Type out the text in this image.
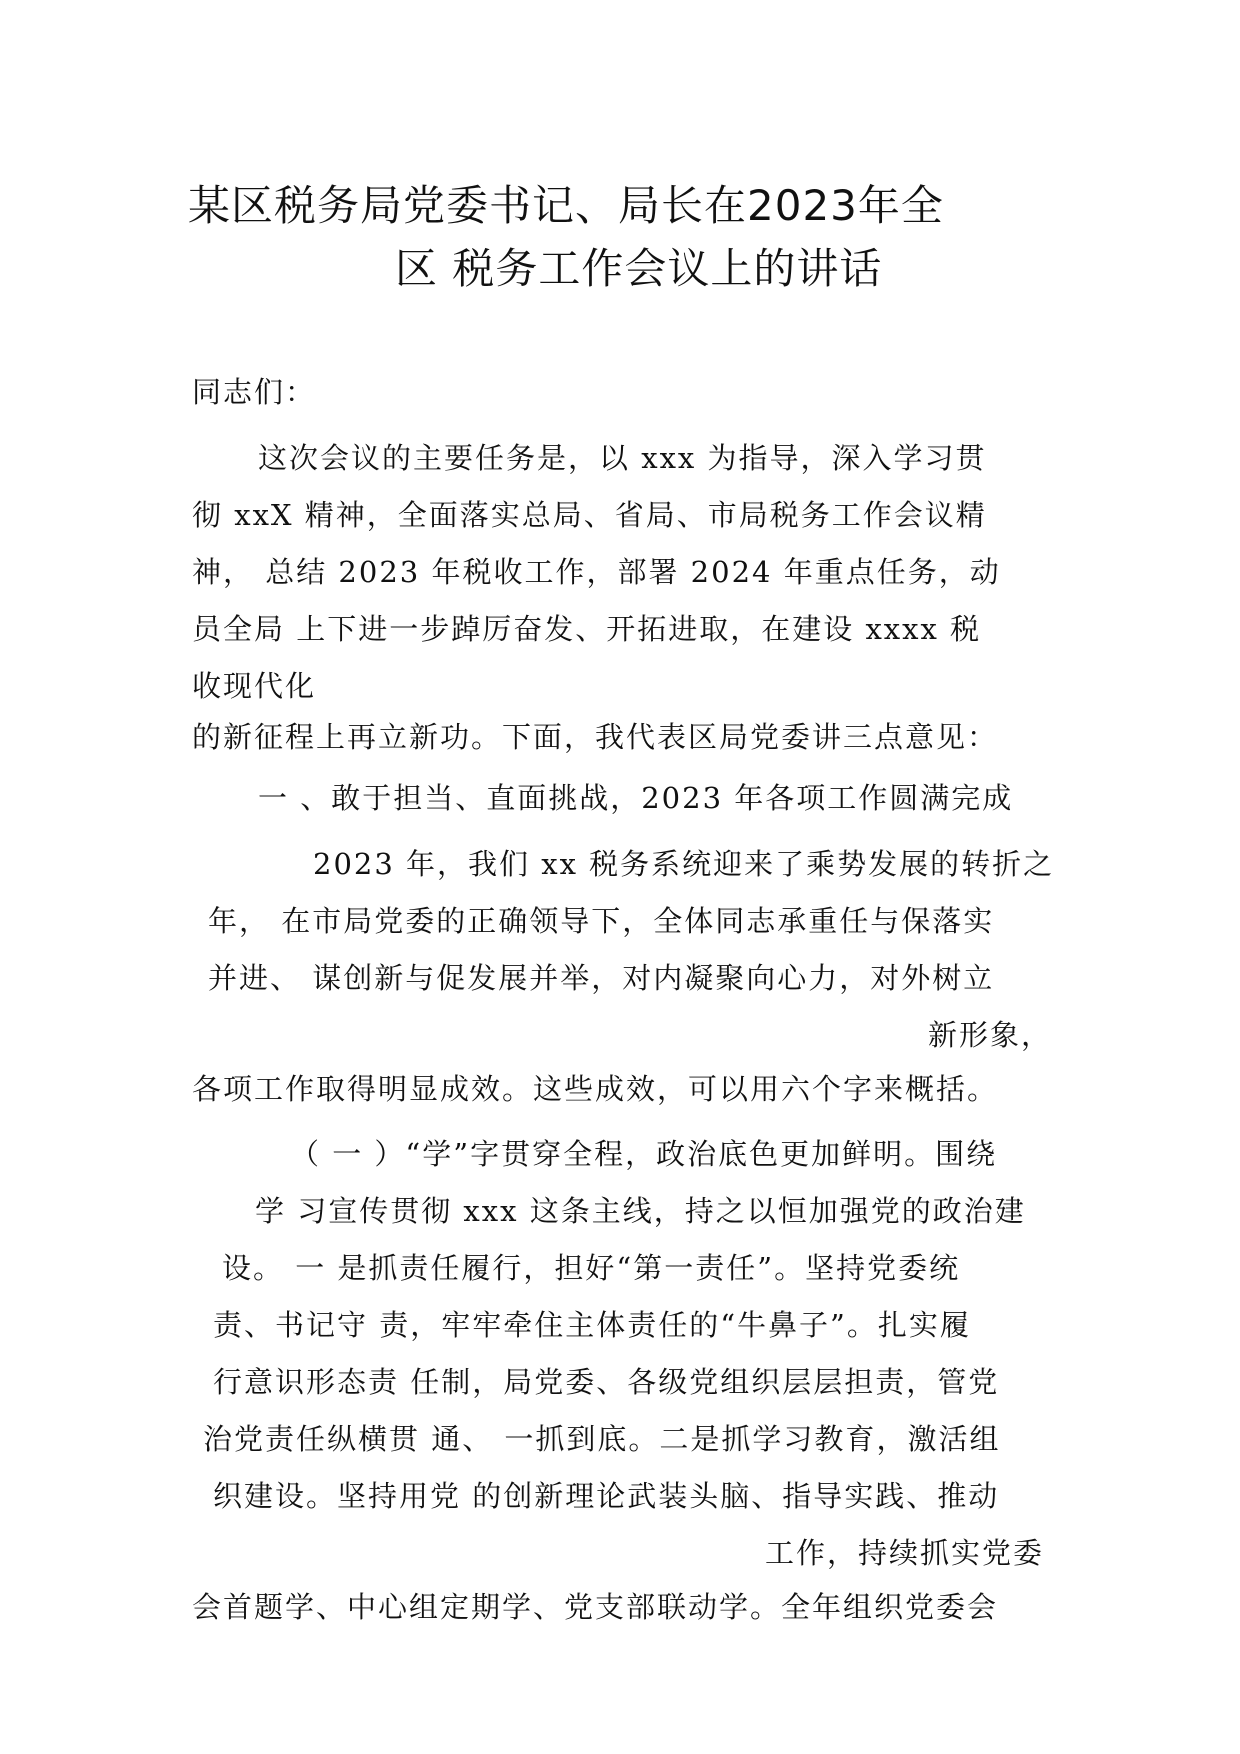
某区税务局党委书记、局长在2023年全
区 税务工作会议上的讲话
同志们：
这次会议的主要任务是，以 xxx 为指导，深入学习贯
彻 xxX 精神，全面落实总局、省局、市局税务工作会议精
神， 总结 2023 年税收工作，部署 2024 年重点任务，动
员全局 上下进一步踔厉奋发、开拓进取，在建设 xxxx 税
收现代化
的新征程上再立新功。下面，我代表区局党委讲三点意见：
一 、敢于担当、直面挑战，2023 年各项工作圆满完成
2023 年，我们 xx 税务系统迎来了乘势发展的转折之
年， 在市局党委的正确领导下，全体同志承重任与保落实
并进、 谋创新与促发展并举，对内凝聚向心力，对外树立
新形象，
各项工作取得明显成效。这些成效，可以用六个字来概括。
（ 一 ）“学”字贯穿全程，政治底色更加鲜明。围绕
学 习宣传贯彻 xxx 这条主线，持之以恒加强党的政治建
设。 一 是抓责任履行，担好“第一责任”。坚持党委统
责、书记守 责，牢牢牵住主体责任的“牛鼻子”。扎实履
行意识形态责 任制，局党委、各级党组织层层担责，管党
治党责任纵横贯 通、 一抓到底。二是抓学习教育，激活组
织建设。坚持用党 的创新理论武装头脑、指导实践、推动
工作，持续抓实党委
会首题学、中心组定期学、党支部联动学。全年组织党委会
